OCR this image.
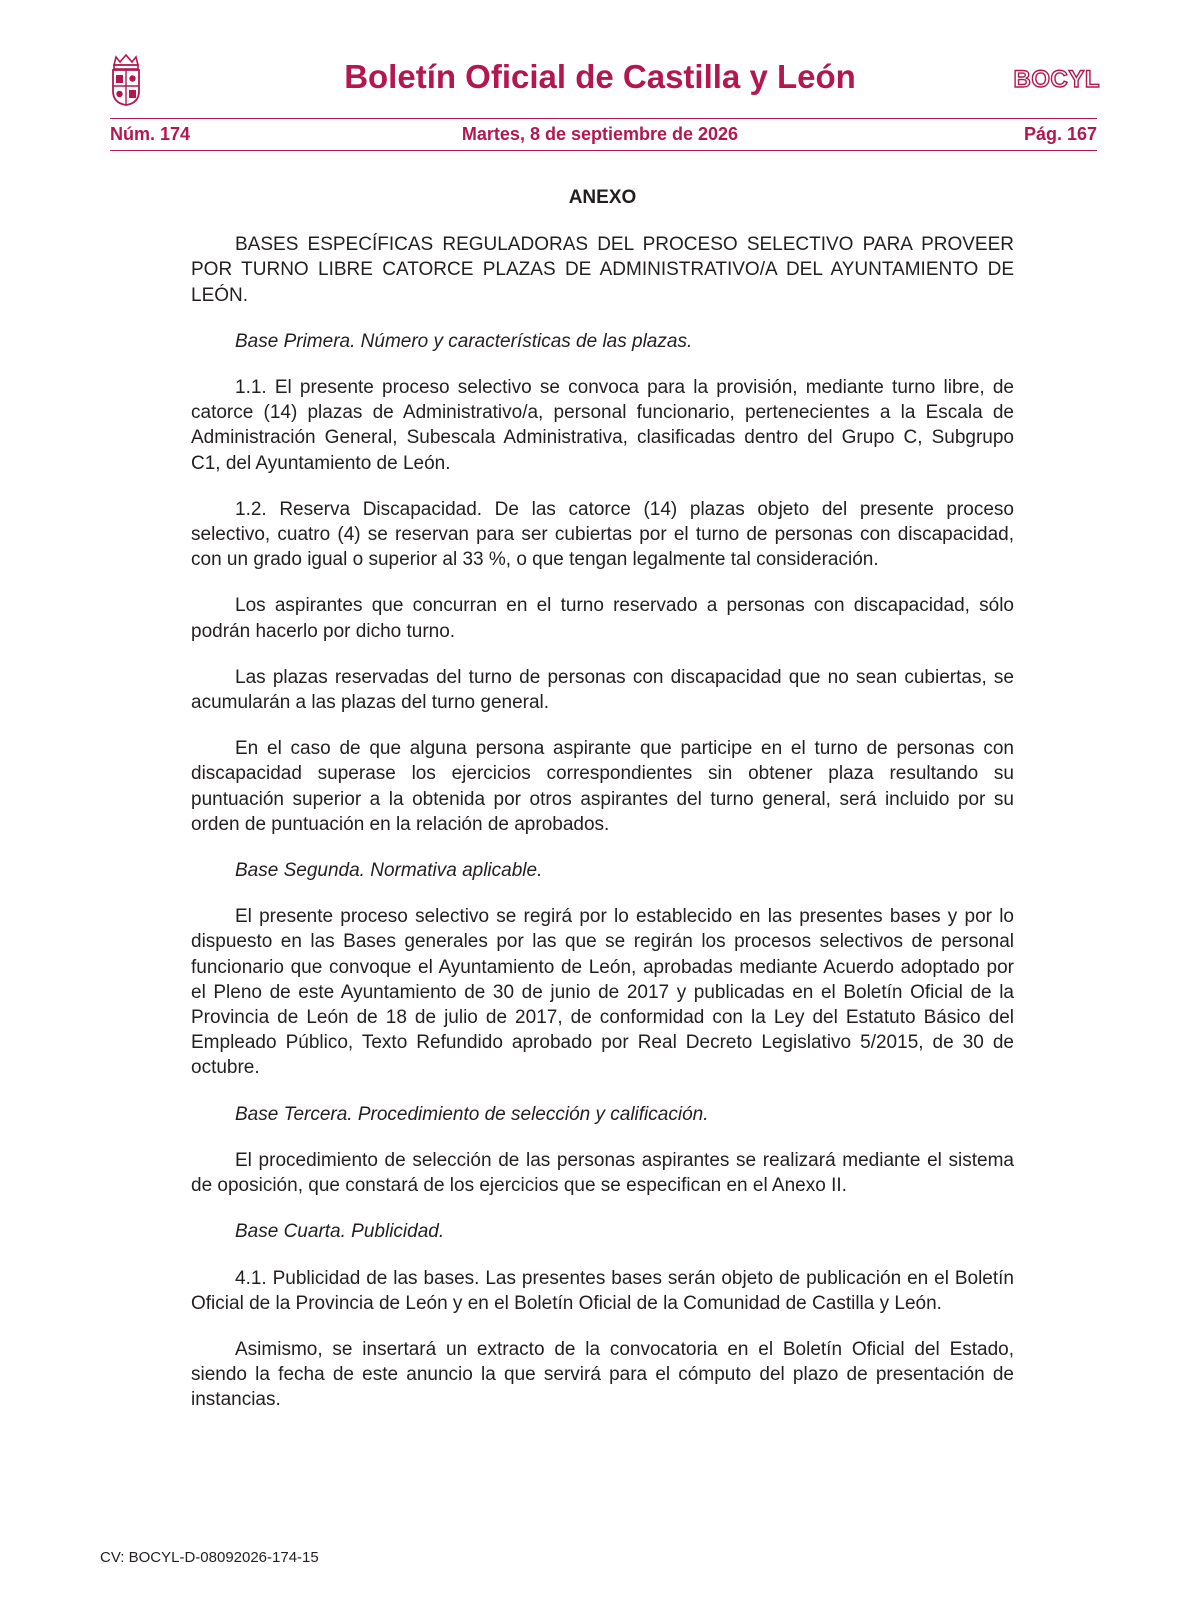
Boletín Oficial de Castilla y León	BOCYL
Núm. 174	Martes, 8 de septiembre de 2026	Pág. 167
ANEXO

BASES ESPECÍFICAS REGULADORAS DEL PROCESO SELECTIVO PARA PROVEER POR TURNO LIBRE CATORCE PLAZAS DE ADMINISTRATIVO/A DEL AYUNTAMIENTO DE LEÓN.

Base Primera. Número y características de las plazas.

1.1. El presente proceso selectivo se convoca para la provisión, mediante turno libre, de catorce (14) plazas de Administrativo/a, personal funcionario, pertenecientes a la Escala de Administración General, Subescala Administrativa, clasificadas dentro del Grupo C, Subgrupo C1, del Ayuntamiento de León.

1.2. Reserva Discapacidad. De las catorce (14) plazas objeto del presente proceso selectivo, cuatro (4) se reservan para ser cubiertas por el turno de personas con discapacidad, con un grado igual o superior al 33 %, o que tengan legalmente tal consideración.

Los aspirantes que concurran en el turno reservado a personas con discapacidad, sólo podrán hacerlo por dicho turno.

Las plazas reservadas del turno de personas con discapacidad que no sean cubiertas, se acumularán a las plazas del turno general.

En el caso de que alguna persona aspirante que participe en el turno de personas con discapacidad superase los ejercicios correspondientes sin obtener plaza resultando su puntuación superior a la obtenida por otros aspirantes del turno general, será incluido por su orden de puntuación en la relación de aprobados.

Base Segunda. Normativa aplicable.

El presente proceso selectivo se regirá por lo establecido en las presentes bases y por lo dispuesto en las Bases generales por las que se regirán los procesos selectivos de personal funcionario que convoque el Ayuntamiento de León, aprobadas mediante Acuerdo adoptado por el Pleno de este Ayuntamiento de 30 de junio de 2017 y publicadas en el Boletín Oficial de la Provincia de León de 18 de julio de 2017, de conformidad con la Ley del Estatuto Básico del Empleado Público, Texto Refundido aprobado por Real Decreto Legislativo 5/2015, de 30 de octubre.

Base Tercera. Procedimiento de selección y calificación.

El procedimiento de selección de las personas aspirantes se realizará mediante el sistema de oposición, que constará de los ejercicios que se especifican en el Anexo II.

Base Cuarta. Publicidad.

4.1. Publicidad de las bases. Las presentes bases serán objeto de publicación en el Boletín Oficial de la Provincia de León y en el Boletín Oficial de la Comunidad de Castilla y León.

Asimismo, se insertará un extracto de la convocatoria en el Boletín Oficial del Estado, siendo la fecha de este anuncio la que servirá para el cómputo del plazo de presentación de instancias.

CV: BOCYL-D-08092026-174-15
